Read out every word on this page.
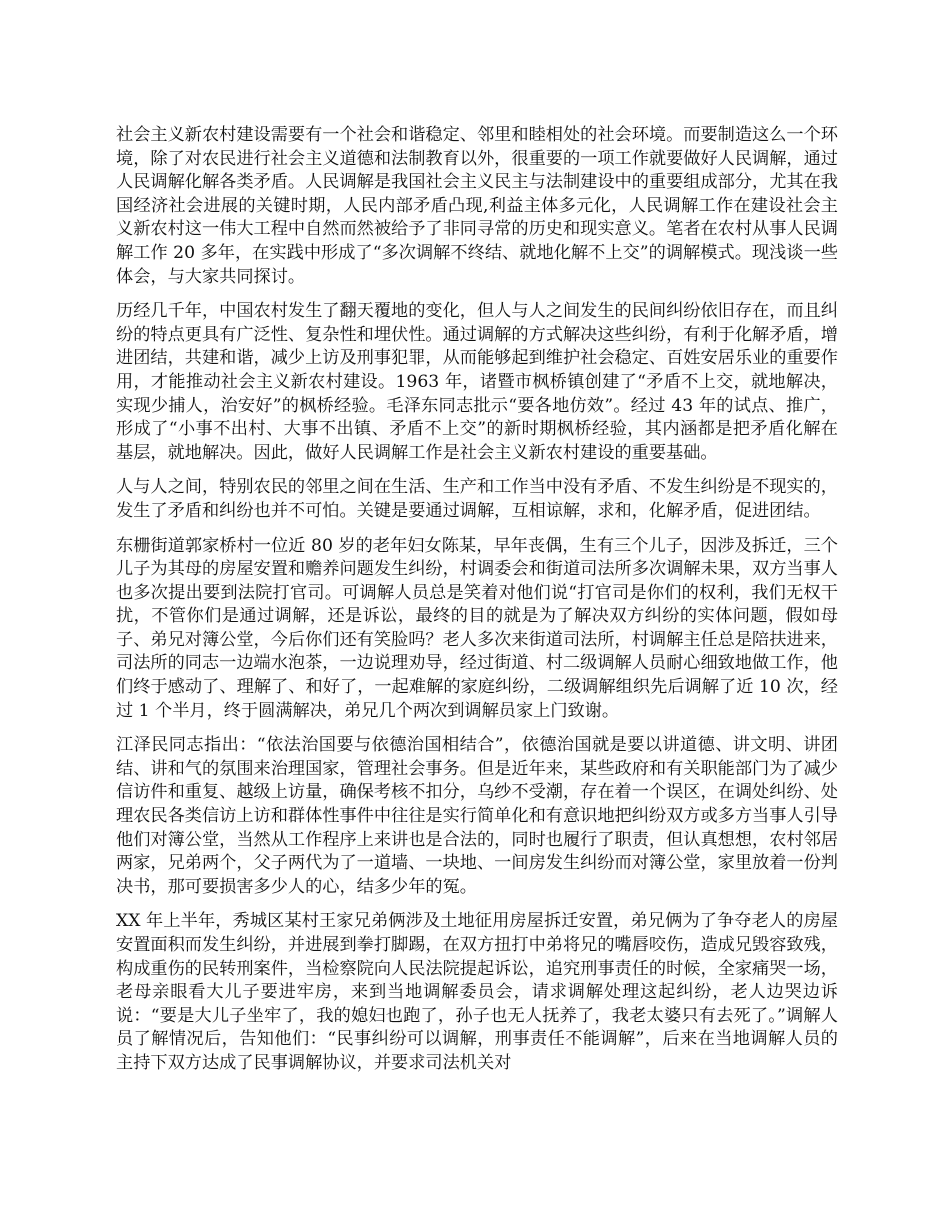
社会主义新农村建设需要有一个社会和谐稳定、邻里和睦相处的社会环境。而要制造这么一个环境，除了对农民进行社会主义道德和法制教育以外，很重要的一项工作就要做好人民调解，通过人民调解化解各类矛盾。人民调解是我国社会主义民主与法制建设中的重要组成部分，尤其在我国经济社会进展的关键时期，人民内部矛盾凸现,利益主体多元化，人民调解工作在建设社会主义新农村这一伟大工程中自然而然被给予了非同寻常的历史和现实意义。笔者在农村从事人民调解工作 20 多年，在实践中形成了“多次调解不终结、就地化解不上交”的调解模式。现浅谈一些体会，与大家共同探讨。

历经几千年，中国农村发生了翻天覆地的变化，但人与人之间发生的民间纠纷依旧存在，而且纠纷的特点更具有广泛性、复杂性和埋伏性。通过调解的方式解决这些纠纷，有利于化解矛盾，增进团结，共建和谐，减少上访及刑事犯罪，从而能够起到维护社会稳定、百姓安居乐业的重要作用，才能推动社会主义新农村建设。1963 年，诸暨市枫桥镇创建了“矛盾不上交，就地解决，实现少捕人，治安好”的枫桥经验。毛泽东同志批示“要各地仿效”。经过 43 年的试点、推广，形成了“小事不出村、大事不出镇、矛盾不上交”的新时期枫桥经验，其内涵都是把矛盾化解在基层，就地解决。因此，做好人民调解工作是社会主义新农村建设的重要基础。

人与人之间，特别农民的邻里之间在生活、生产和工作当中没有矛盾、不发生纠纷是不现实的，发生了矛盾和纠纷也并不可怕。关键是要通过调解，互相谅解，求和，化解矛盾，促进团结。

东栅街道郭家桥村一位近 80 岁的老年妇女陈某，早年丧偶，生有三个儿子，因涉及拆迁，三个儿子为其母的房屋安置和赡养问题发生纠纷，村调委会和街道司法所多次调解未果，双方当事人也多次提出要到法院打官司。可调解人员总是笑着对他们说“打官司是你们的权利，我们无权干扰，不管你们是通过调解，还是诉讼，最终的目的就是为了解决双方纠纷的实体问题，假如母子、弟兄对簿公堂，今后你们还有笑脸吗？老人多次来街道司法所，村调解主任总是陪扶进来，司法所的同志一边端水泡茶，一边说理劝导，经过街道、村二级调解人员耐心细致地做工作，他们终于感动了、理解了、和好了，一起难解的家庭纠纷，二级调解组织先后调解了近 10 次，经过 1 个半月，终于圆满解决，弟兄几个两次到调解员家上门致谢。

江泽民同志指出：“依法治国要与依德治国相结合”，依德治国就是要以讲道德、讲文明、讲团结、讲和气的氛围来治理国家，管理社会事务。但是近年来，某些政府和有关职能部门为了减少信访件和重复、越级上访量，确保考核不扣分，乌纱不受潮，存在着一个误区，在调处纠纷、处理农民各类信访上访和群体性事件中往往是实行简单化和有意识地把纠纷双方或多方当事人引导他们对簿公堂，当然从工作程序上来讲也是合法的，同时也履行了职责，但认真想想，农村邻居两家，兄弟两个，父子两代为了一道墙、一块地、一间房发生纠纷而对簿公堂，家里放着一份判决书，那可要损害多少人的心，结多少年的冤。

XX 年上半年，秀城区某村王家兄弟俩涉及土地征用房屋拆迁安置，弟兄俩为了争夺老人的房屋安置面积而发生纠纷，并进展到拳打脚踢，在双方扭打中弟将兄的嘴唇咬伤，造成兄毁容致残，构成重伤的民转刑案件，当检察院向人民法院提起诉讼，追究刑事责任的时候，全家痛哭一场，老母亲眼看大儿子要进牢房，来到当地调解委员会，请求调解处理这起纠纷，老人边哭边诉说：“要是大儿子坐牢了，我的媳妇也跑了，孙子也无人抚养了，我老太婆只有去死了。”调解人员了解情况后，告知他们：“民事纠纷可以调解，刑事责任不能调解”，后来在当地调解人员的主持下双方达成了民事调解协议，并要求司法机关对
